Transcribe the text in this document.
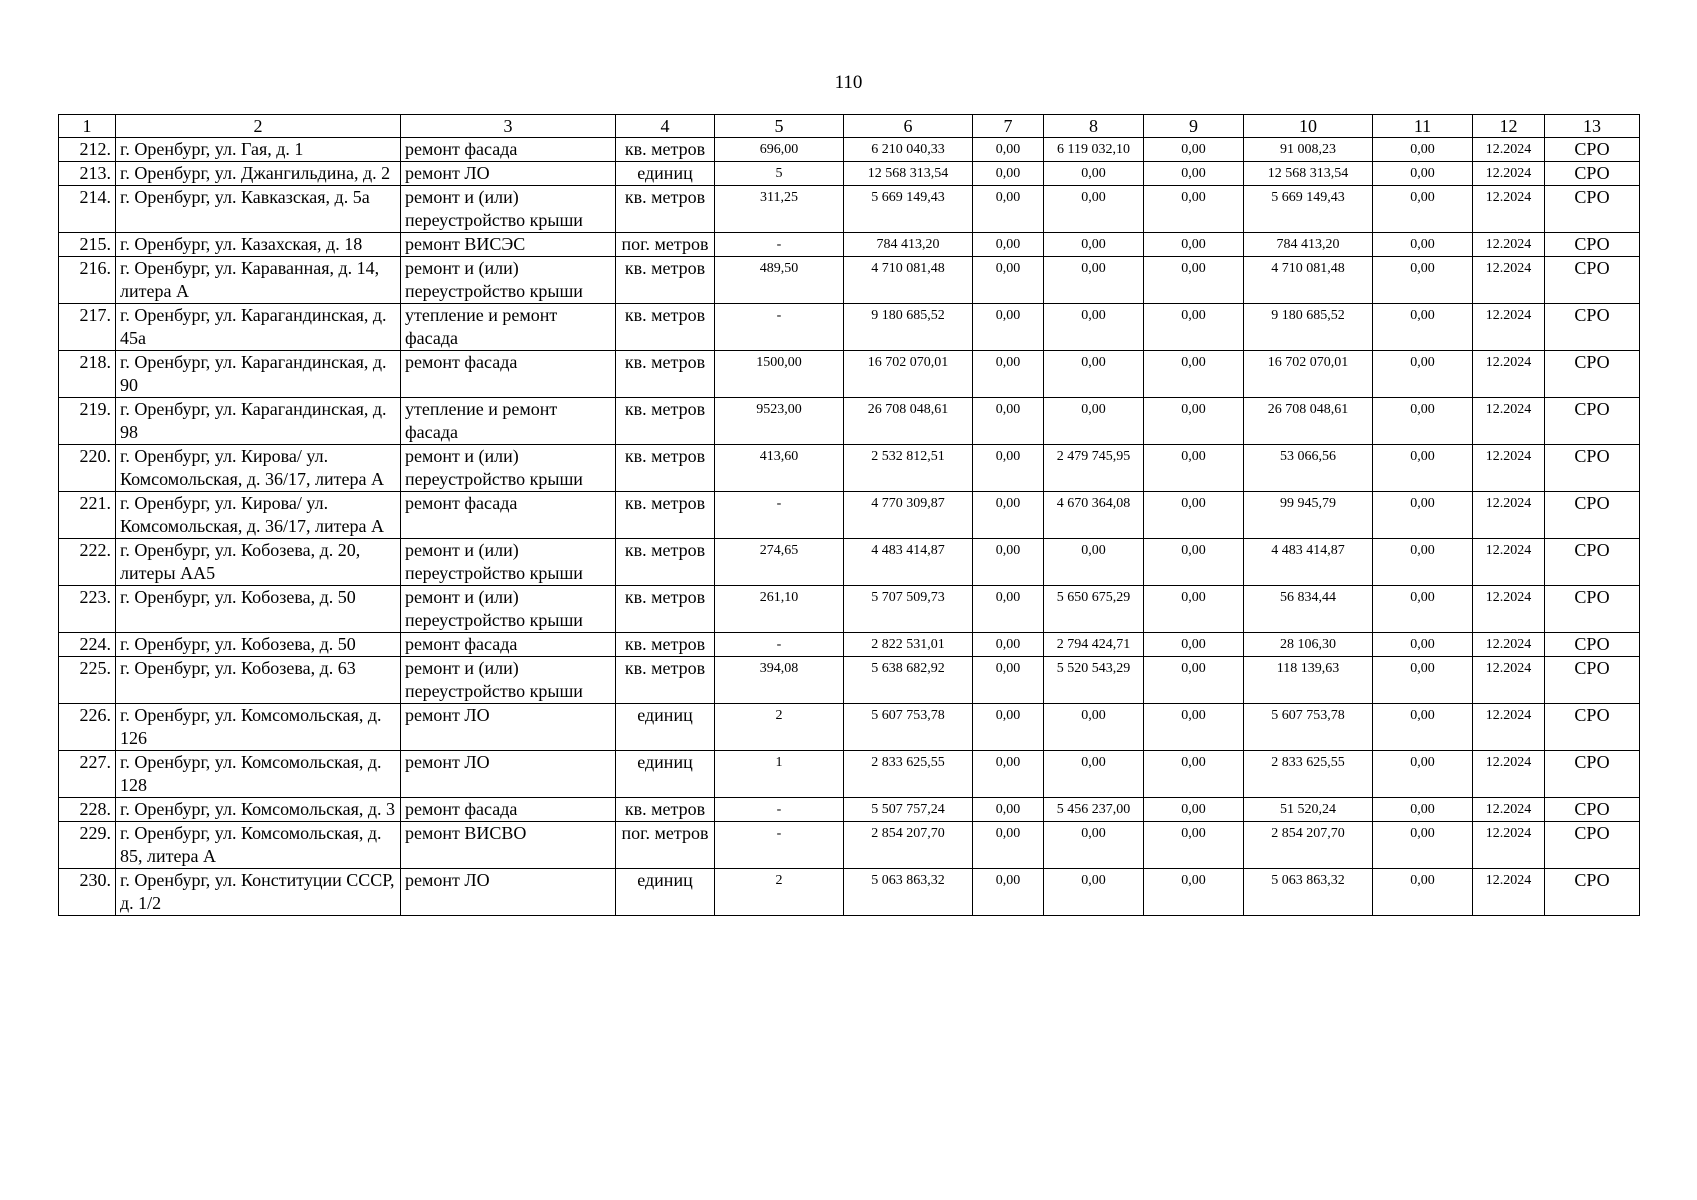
110
1	2	3	4	5	6	7	8	9	10	11	12	13
212.	г. Оренбург, ул. Гая, д. 1	ремонт фасада	кв. метров	696,00	6 210 040,33	0,00	6 119 032,10	0,00	91 008,23	0,00	12.2024	СРО
213.	г. Оренбург, ул. Джангильдина, д. 2	ремонт ЛО	единиц	5	12 568 313,54	0,00	0,00	0,00	12 568 313,54	0,00	12.2024	СРО
214.	г. Оренбург, ул. Кавказская, д. 5а	ремонт и (или) переустройство крыши	кв. метров	311,25	5 669 149,43	0,00	0,00	0,00	5 669 149,43	0,00	12.2024	СРО
215.	г. Оренбург, ул. Казахская, д. 18	ремонт ВИСЭС	пог. метров	-	784 413,20	0,00	0,00	0,00	784 413,20	0,00	12.2024	СРО
216.	г. Оренбург, ул. Караванная, д. 14, литера А	ремонт и (или) переустройство крыши	кв. метров	489,50	4 710 081,48	0,00	0,00	0,00	4 710 081,48	0,00	12.2024	СРО
217.	г. Оренбург, ул. Карагандинская, д. 45а	утепление и ремонт фасада	кв. метров	-	9 180 685,52	0,00	0,00	0,00	9 180 685,52	0,00	12.2024	СРО
218.	г. Оренбург, ул. Карагандинская, д. 90	ремонт фасада	кв. метров	1500,00	16 702 070,01	0,00	0,00	0,00	16 702 070,01	0,00	12.2024	СРО
219.	г. Оренбург, ул. Карагандинская, д. 98	утепление и ремонт фасада	кв. метров	9523,00	26 708 048,61	0,00	0,00	0,00	26 708 048,61	0,00	12.2024	СРО
220.	г. Оренбург, ул. Кирова/ ул. Комсомольская, д. 36/17, литера А	ремонт и (или) переустройство крыши	кв. метров	413,60	2 532 812,51	0,00	2 479 745,95	0,00	53 066,56	0,00	12.2024	СРО
221.	г. Оренбург, ул. Кирова/ ул. Комсомольская, д. 36/17, литера А	ремонт фасада	кв. метров	-	4 770 309,87	0,00	4 670 364,08	0,00	99 945,79	0,00	12.2024	СРО
222.	г. Оренбург, ул. Кобозева, д. 20, литеры АА5	ремонт и (или) переустройство крыши	кв. метров	274,65	4 483 414,87	0,00	0,00	0,00	4 483 414,87	0,00	12.2024	СРО
223.	г. Оренбург, ул. Кобозева, д. 50	ремонт и (или) переустройство крыши	кв. метров	261,10	5 707 509,73	0,00	5 650 675,29	0,00	56 834,44	0,00	12.2024	СРО
224.	г. Оренбург, ул. Кобозева, д. 50	ремонт фасада	кв. метров	-	2 822 531,01	0,00	2 794 424,71	0,00	28 106,30	0,00	12.2024	СРО
225.	г. Оренбург, ул. Кобозева, д. 63	ремонт и (или) переустройство крыши	кв. метров	394,08	5 638 682,92	0,00	5 520 543,29	0,00	118 139,63	0,00	12.2024	СРО
226.	г. Оренбург, ул. Комсомольская, д. 126	ремонт ЛО	единиц	2	5 607 753,78	0,00	0,00	0,00	5 607 753,78	0,00	12.2024	СРО
227.	г. Оренбург, ул. Комсомольская, д. 128	ремонт ЛО	единиц	1	2 833 625,55	0,00	0,00	0,00	2 833 625,55	0,00	12.2024	СРО
228.	г. Оренбург, ул. Комсомольская, д. 3	ремонт фасада	кв. метров	-	5 507 757,24	0,00	5 456 237,00	0,00	51 520,24	0,00	12.2024	СРО
229.	г. Оренбург, ул. Комсомольская, д. 85, литера А	ремонт ВИСВО	пог. метров	-	2 854 207,70	0,00	0,00	0,00	2 854 207,70	0,00	12.2024	СРО
230.	г. Оренбург, ул. Конституции СССР, д. 1/2	ремонт ЛО	единиц	2	5 063 863,32	0,00	0,00	0,00	5 063 863,32	0,00	12.2024	СРО
